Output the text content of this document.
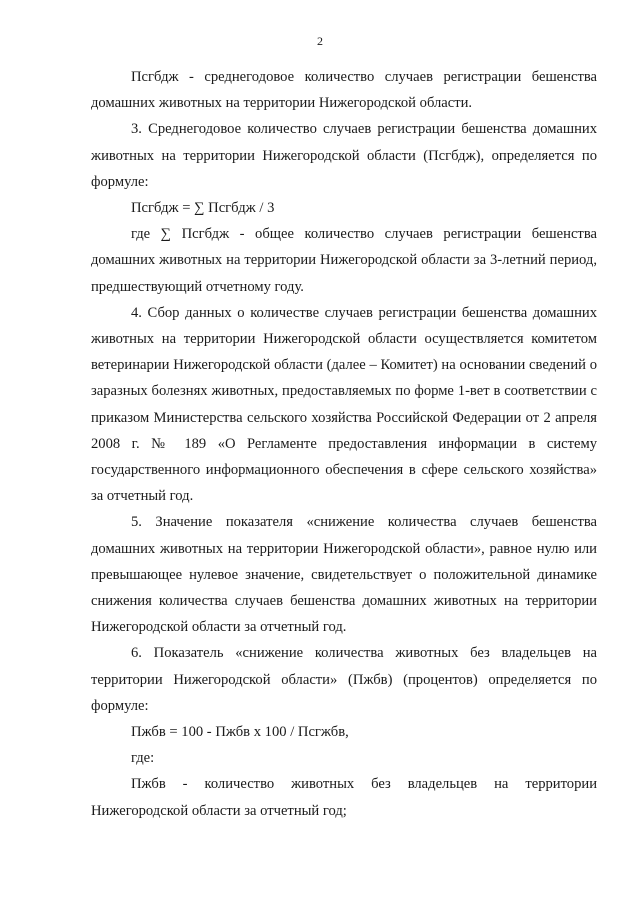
2

Псгбдж - среднегодовое количество случаев регистрации бешенства домашних животных на территории Нижегородской области.

3. Среднегодовое количество случаев регистрации бешенства домашних животных на территории Нижегородской области (Псгбдж), определяется по формуле:

Псгбдж = ∑ Псгбдж / 3

где ∑ Псгбдж - общее количество случаев регистрации бешенства домашних животных на территории Нижегородской области за 3-летний период, предшествующий отчетному году.

4. Сбор данных о количестве случаев регистрации бешенства домашних животных на территории Нижегородской области осуществляется комитетом ветеринарии Нижегородской области (далее – Комитет) на основании сведений о заразных болезнях животных, предоставляемых по форме 1-вет в соответствии с приказом Министерства сельского хозяйства Российской Федерации от 2 апреля 2008 г. № 189 «О Регламенте предоставления информации в систему государственного информационного обеспечения в сфере сельского хозяйства» за отчетный год.

5. Значение показателя «снижение количества случаев бешенства домашних животных на территории Нижегородской области», равное нулю или превышающее нулевое значение, свидетельствует о положительной динамике снижения количества случаев бешенства домашних животных на территории Нижегородской области за отчетный год.

6. Показатель «снижение количества животных без владельцев на территории Нижегородской области» (Пжбв) (процентов) определяется по формуле:

Пжбв = 100 - Пжбв х 100 / Псгжбв,

где:

Пжбв - количество животных без владельцев на территории Нижегородской области за отчетный год;
